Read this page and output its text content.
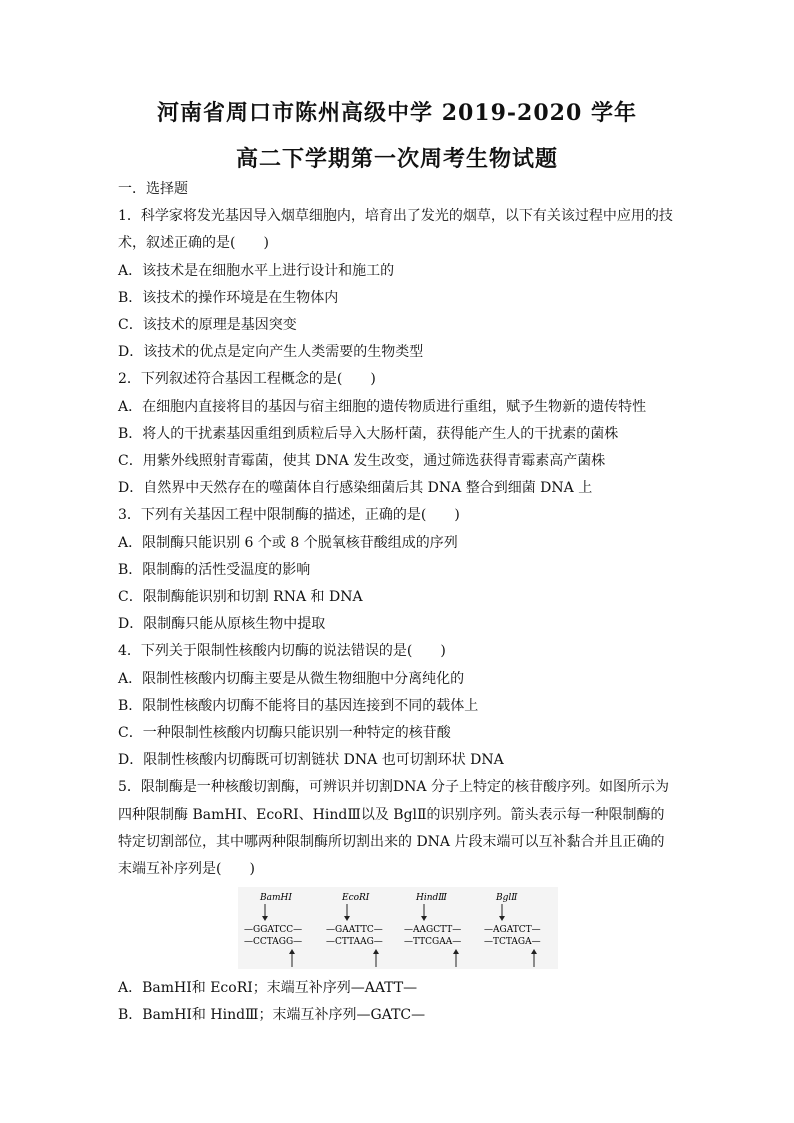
河南省周口市陈州高级中学 2019-2020 学年
高二下学期第一次周考生物试题
一．选择题
1．科学家将发光基因导入烟草细胞内，培育出了发光的烟草，以下有关该过程中应用的技术，叙述正确的是(　　)
A．该技术是在细胞水平上进行设计和施工的
B．该技术的操作环境是在生物体内
C．该技术的原理是基因突变
D．该技术的优点是定向产生人类需要的生物类型
2．下列叙述符合基因工程概念的是(　　)
A．在细胞内直接将目的基因与宿主细胞的遗传物质进行重组，赋予生物新的遗传特性
B．将人的干扰素基因重组到质粒后导入大肠杆菌，获得能产生人的干扰素的菌株
C．用紫外线照射青霉菌，使其 DNA 发生改变，通过筛选获得青霉素高产菌株
D．自然界中天然存在的噬菌体自行感染细菌后其 DNA 整合到细菌 DNA 上
3．下列有关基因工程中限制酶的描述，正确的是(　　)
A．限制酶只能识别 6 个或 8 个脱氧核苷酸组成的序列
B．限制酶的活性受温度的影响
C．限制酶能识别和切割 RNA 和 DNA
D．限制酶只能从原核生物中提取
4．下列关于限制性核酸内切酶的说法错误的是(　　)
A．限制性核酸内切酶主要是从微生物细胞中分离纯化的
B．限制性核酸内切酶不能将目的基因连接到不同的载体上
C．一种限制性核酸内切酶只能识别一种特定的核苷酸
D．限制性核酸内切酶既可切割链状 DNA 也可切割环状 DNA
5．限制酶是一种核酸切割酶，可辨识并切割DNA 分子上特定的核苷酸序列。如图所示为四种限制酶 BamHⅠ、EcoRⅠ、HindⅢ以及 BglⅡ的识别序列。箭头表示每一种限制酶的特定切割部位，其中哪两种限制酶所切割出来的 DNA 片段末端可以互补黏合并且正确的末端互补序列是(　　)
BamHⅠ
—GGATCC—
—CCTAGG—
EcoRⅠ
—GAATTC—
—CTTAAG—
HindⅢ
—AAGCTT—
—TTCGAA—
BglⅡ
—AGATCT—
—TCTAGA—
A．BamHⅠ和 EcoRⅠ；末端互补序列—AATT—
B．BamHⅠ和 HindⅢ；末端互补序列—GATC—
